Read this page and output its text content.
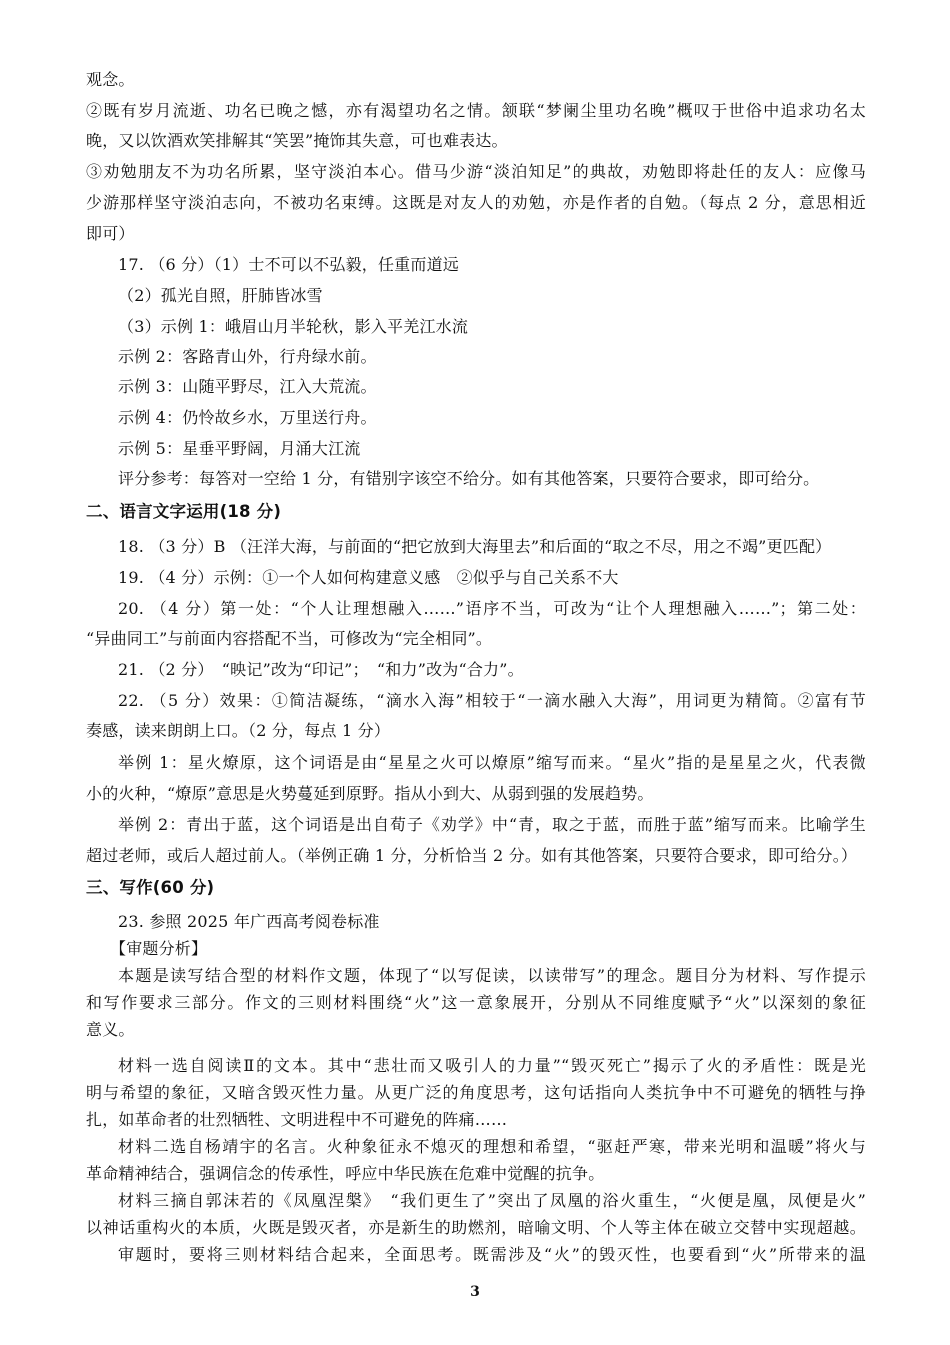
观念。
②既有岁月流逝、功名已晚之憾，亦有渴望功名之情。颔联“梦阑尘里功名晚”概叹于世俗中追求功名太
晚，又以饮酒欢笑排解其“笑罢”掩饰其失意，可也难表达。
③劝勉朋友不为功名所累，坚守淡泊本心。借马少游“淡泊知足”的典故，劝勉即将赴任的友人：应像马
少游那样坚守淡泊志向，不被功名束缚。这既是对友人的劝勉，亦是作者的自勉。（每点 2 分，意思相近
即可）
17. （6 分）（1）士不可以不弘毅，任重而道远
（2）孤光自照，肝肺皆冰雪
（3）示例 1：峨眉山月半轮秋，影入平羌江水流
示例 2：客路青山外，行舟绿水前。
示例 3：山随平野尽，江入大荒流。
示例 4：仍怜故乡水，万里送行舟。
示例 5：星垂平野阔，月涌大江流
评分参考：每答对一空给 1 分，有错别字该空不给分。如有其他答案，只要符合要求，即可给分。
二、语言文字运用(18 分)
18. （3 分）B （汪洋大海，与前面的“把它放到大海里去”和后面的“取之不尽，用之不竭”更匹配）
19. （4 分）示例：①一个人如何构建意义感　②似乎与自己关系不大
20. （4 分）第一处：“个人让理想融入……”语序不当，可改为“让个人理想融入……”；第二处：
“异曲同工”与前面内容搭配不当，可修改为“完全相同”。
21. （2 分）　“映记”改为“印记”；　“和力”改为“合力”。
22. （5 分）效果：①简洁凝练，“滴水入海”相较于“一滴水融入大海”，用词更为精简。②富有节
奏感，读来朗朗上口。（2 分，每点 1 分）
举例 1：星火燎原，这个词语是由“星星之火可以燎原”缩写而来。“星火”指的是星星之火，代表微
小的火种，“燎原”意思是火势蔓延到原野。指从小到大、从弱到强的发展趋势。
举例 2：青出于蓝，这个词语是出自荀子《劝学》中“青，取之于蓝，而胜于蓝”缩写而来。比喻学生
超过老师，或后人超过前人。（举例正确 1 分，分析恰当 2 分。如有其他答案，只要符合要求，即可给分。）
三、写作(60 分)
23. 参照 2025 年广西高考阅卷标准
【审题分析】
本题是读写结合型的材料作文题，体现了“以写促读，以读带写”的理念。题目分为材料、写作提示
和写作要求三部分。作文的三则材料围绕“火”这一意象展开，分别从不同维度赋予“火”以深刻的象征
意义。
材料一选自阅读Ⅱ的文本。其中“悲壮而又吸引人的力量”“毁灭死亡”揭示了火的矛盾性：既是光
明与希望的象征，又暗含毁灭性力量。从更广泛的角度思考，这句话指向人类抗争中不可避免的牺牲与挣
扎，如革命者的壮烈牺牲、文明进程中不可避免的阵痛……
材料二选自杨靖宇的名言。火种象征永不熄灭的理想和希望，“驱赶严寒，带来光明和温暖”将火与
革命精神结合，强调信念的传承性，呼应中华民族在危难中觉醒的抗争。
材料三摘自郭沫若的《凤凰涅槃》　“我们更生了”突出了凤凰的浴火重生，“火便是凰，凤便是火”
以神话重构火的本质，火既是毁灭者，亦是新生的助燃剂，暗喻文明、个人等主体在破立交替中实现超越。
审题时，要将三则材料结合起来，全面思考。既需涉及“火”的毁灭性，也要看到“火”所带来的温
3
